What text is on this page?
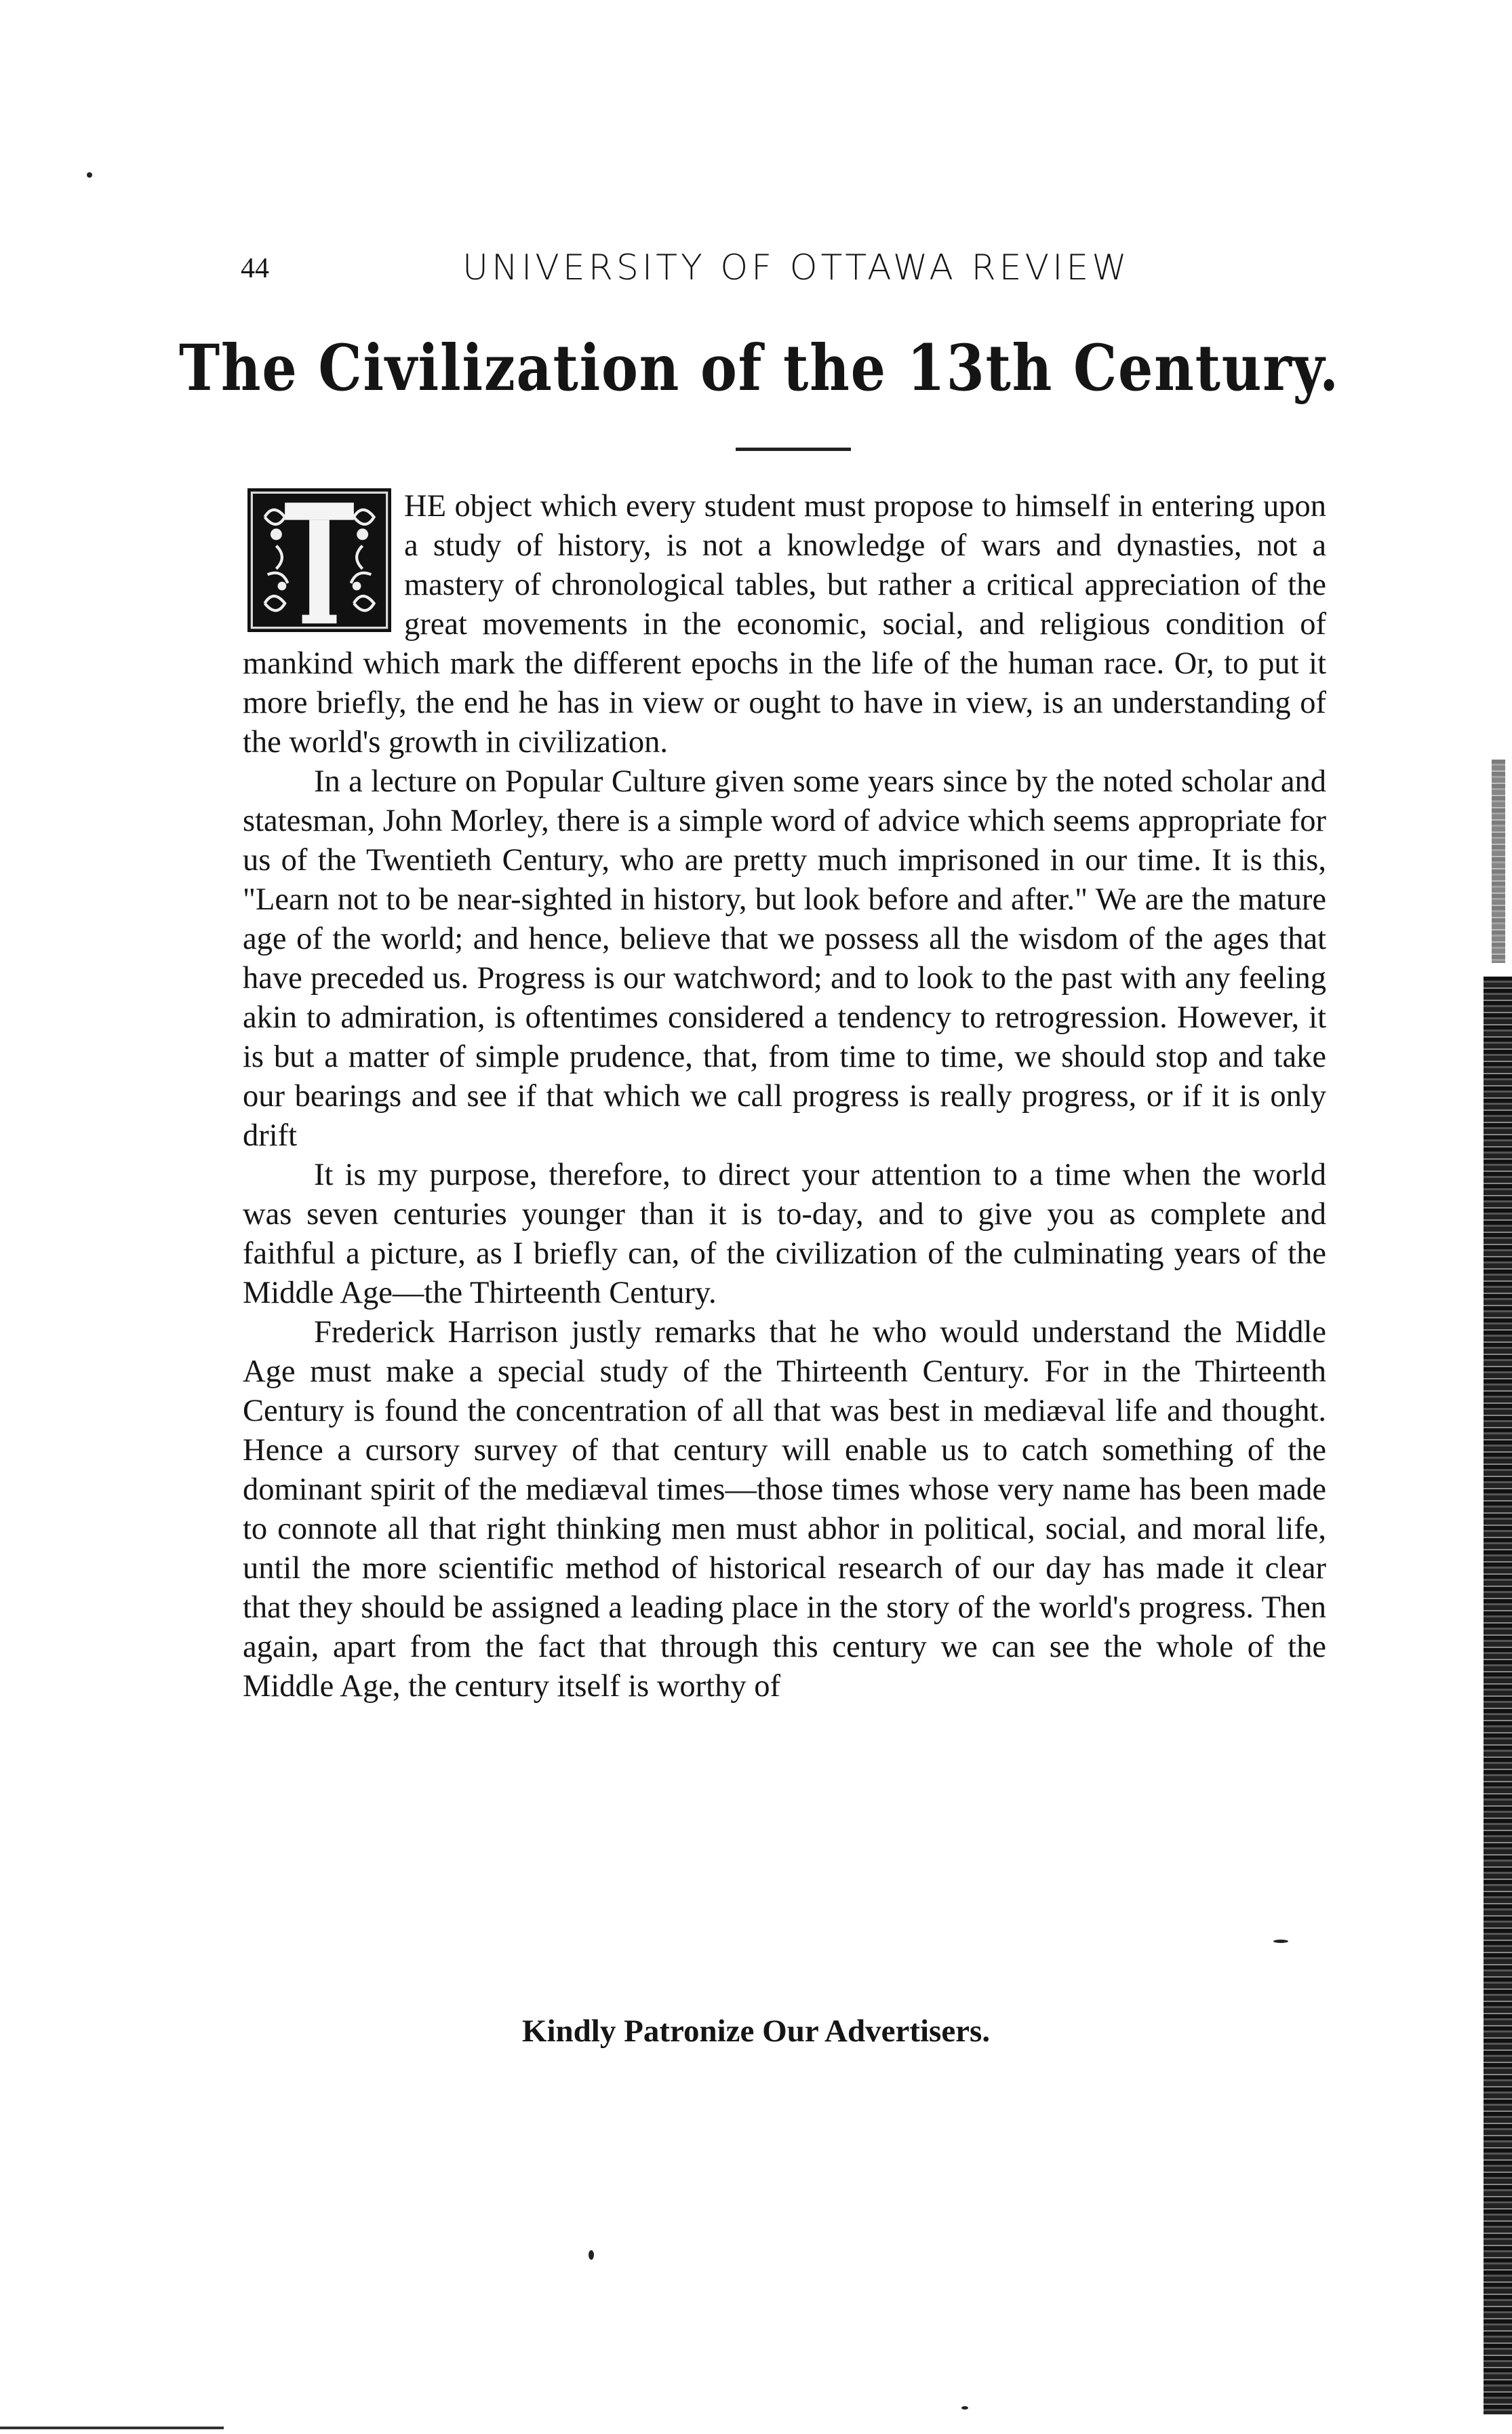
44	UNIVERSITY OF OTTAWA REVIEW
The Civilization of the 13th Century.

HE object which every student must propose to himself in entering upon a study of history, is not a knowledge of wars and dynasties, not a mastery of chronological tables, but rather a critical appreciation of the great movements in the economic, social, and religious condition of mankind which mark the different epochs in the life of the human race. Or, to put it more briefly, the end he has in view or ought to have in view, is an understanding of the world's growth in civilization.

In a lecture on Popular Culture given some years since by the noted scholar and statesman, John Morley, there is a simple word of advice which seems appropriate for us of the Twentieth Century, who are pretty much imprisoned in our time. It is this, "Learn not to be near-sighted in history, but look before and after." We are the mature age of the world; and hence, believe that we possess all the wisdom of the ages that have preceded us. Progress is our watchword; and to look to the past with any feeling akin to admiration, is oftentimes considered a tendency to retrogression. However, it is but a matter of simple prudence, that, from time to time, we should stop and take our bearings and see if that which we call progress is really progress, or if it is only drift

It is my purpose, therefore, to direct your attention to a time when the world was seven centuries younger than it is to-day, and to give you as complete and faithful a picture, as I briefly can, of the civilization of the culminating years of the Middle Age—the Thirteenth Century.

Frederick Harrison justly remarks that he who would understand the Middle Age must make a special study of the Thirteenth Century. For in the Thirteenth Century is found the concentration of all that was best in mediæval life and thought. Hence a cursory survey of that century will enable us to catch something of the dominant spirit of the mediæval times—those times whose very name has been made to connote all that right thinking men must abhor in political, social, and moral life, until the more scientific method of historical research of our day has made it clear that they should be assigned a leading place in the story of the world's progress. Then again, apart from the fact that through this century we can see the whole of the Middle Age, the century itself is worthy of

Kindly Patronize Our Advertisers.
